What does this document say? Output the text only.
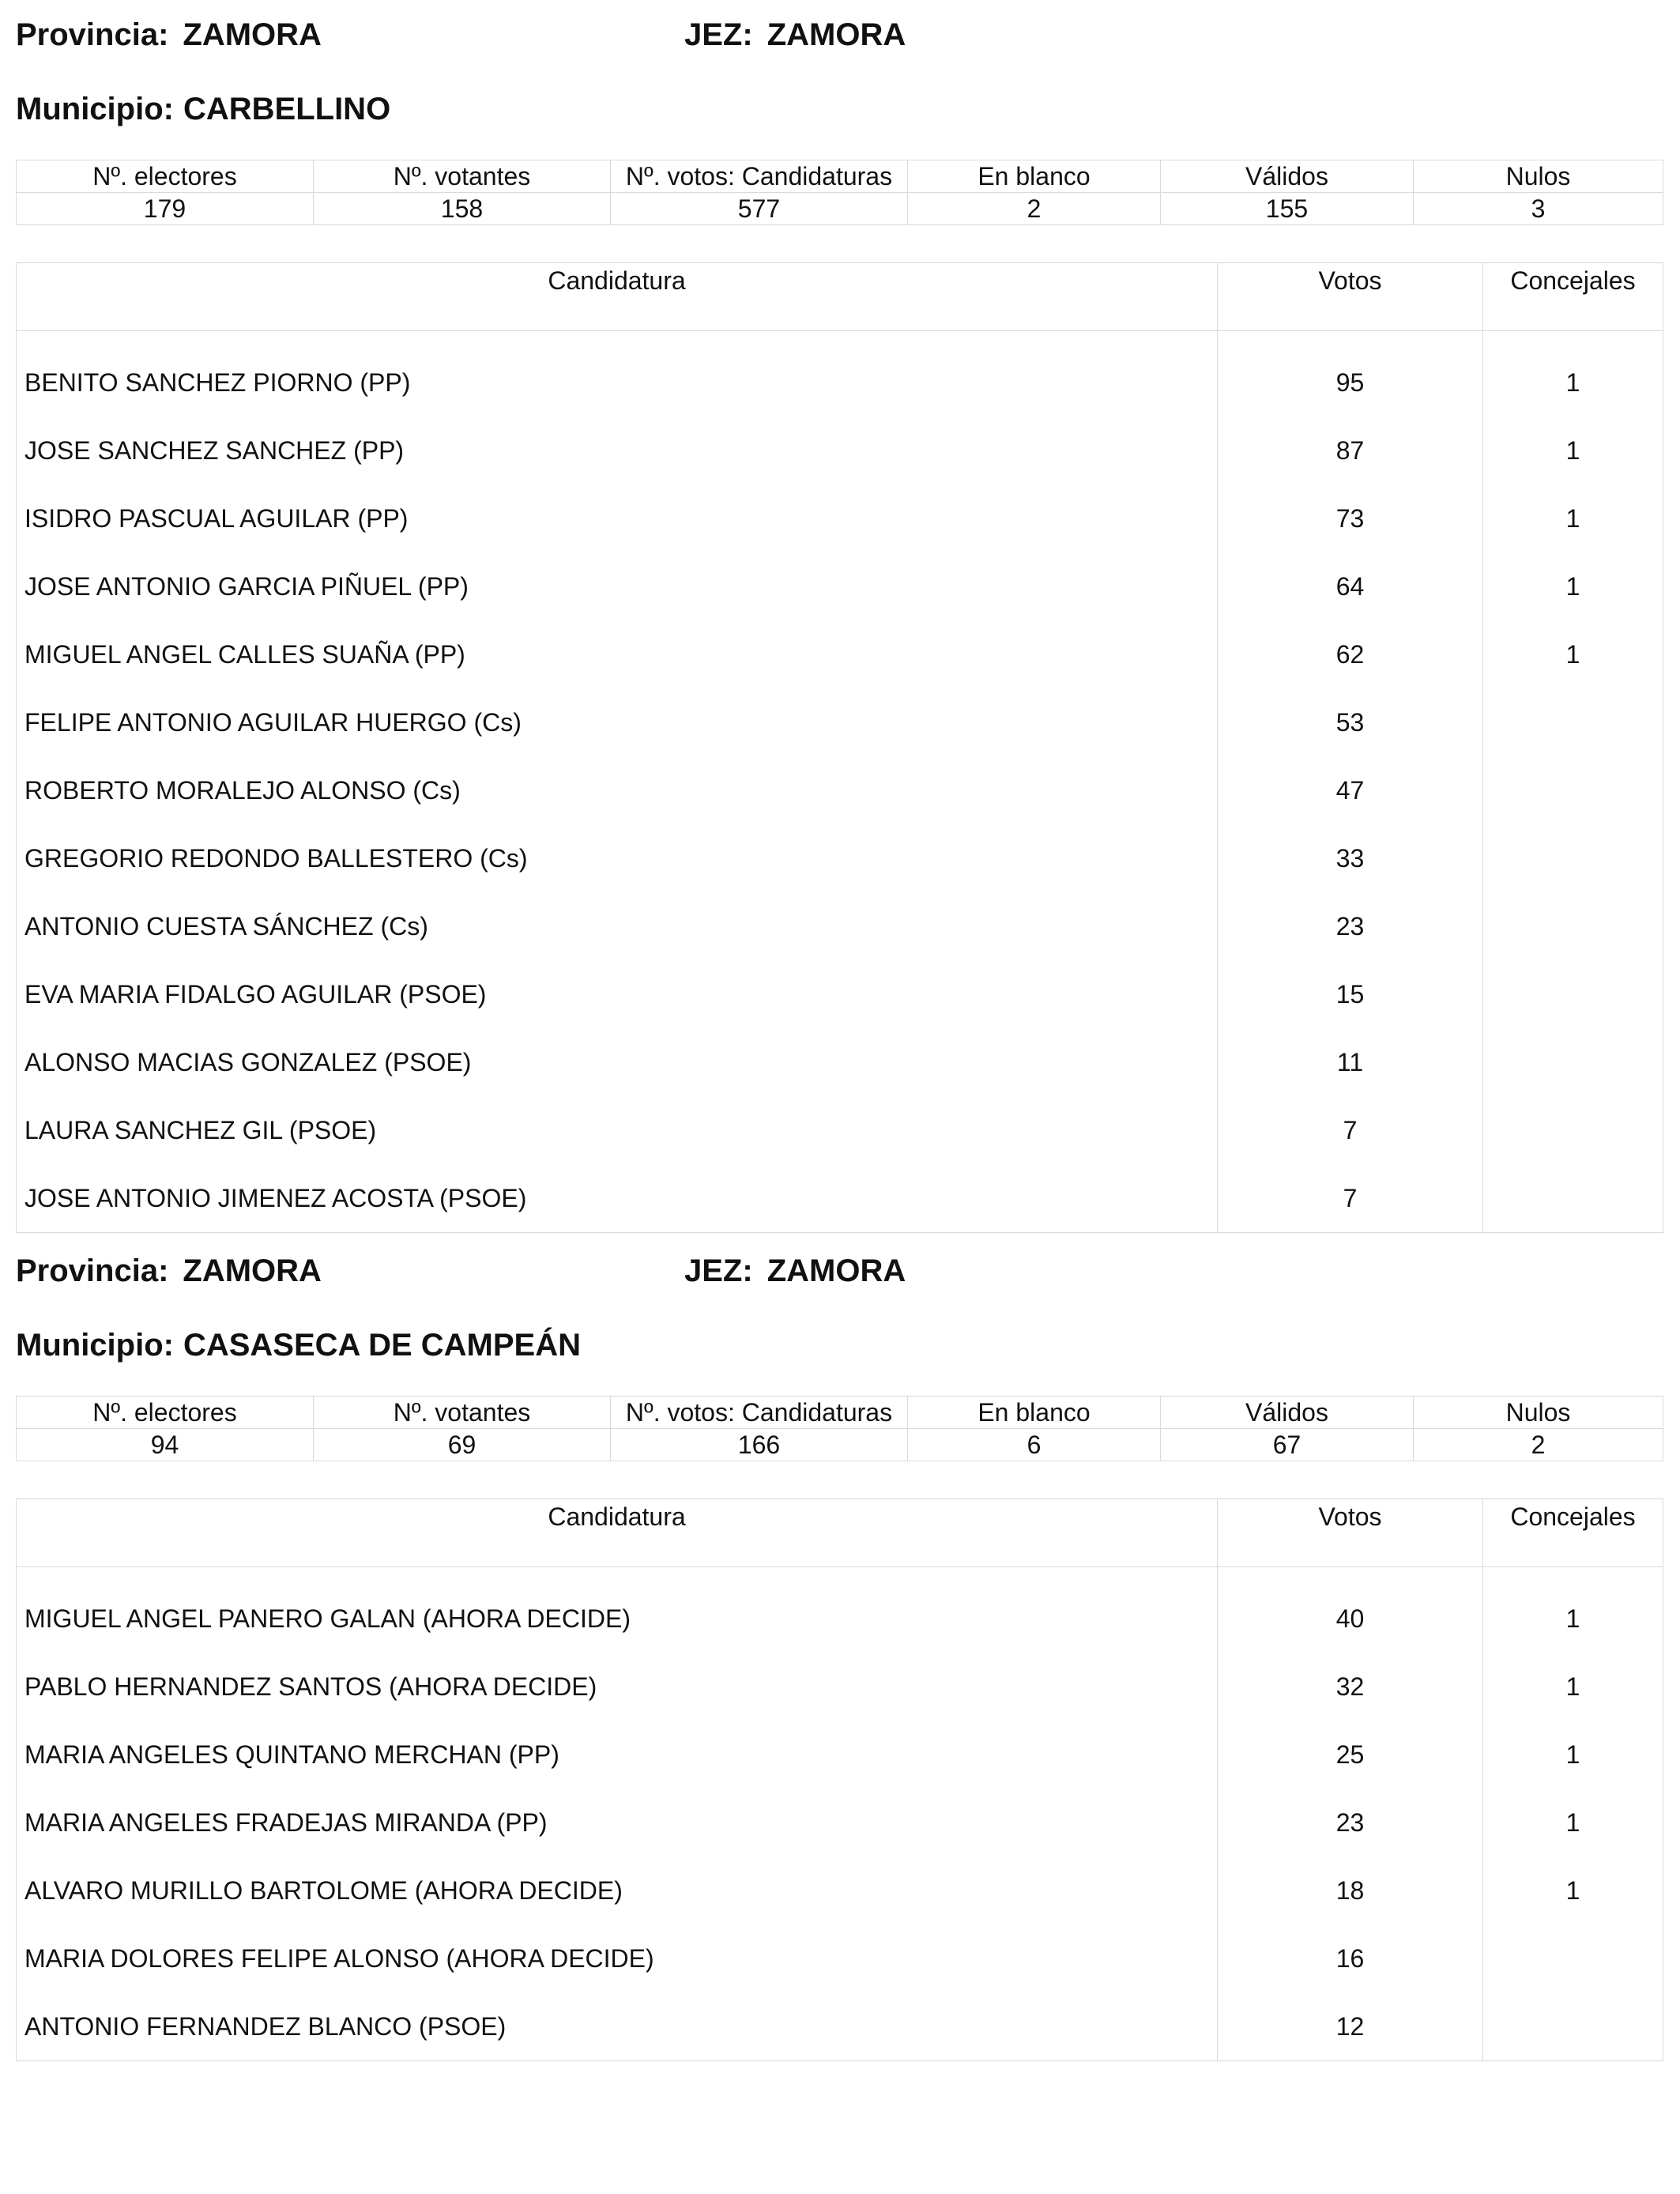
Provincia: ZAMORA	JEZ: ZAMORA
Municipio: CARBELLINO
Nº. electores	Nº. votantes	Nº. votos: Candidaturas	En blanco	Válidos	Nulos
179	158	577	2	155	3
Candidatura	Votos	Concejales

BENITO SANCHEZ PIORNO (PP)	95	1
JOSE SANCHEZ SANCHEZ (PP)	87	1
ISIDRO PASCUAL AGUILAR (PP)	73	1
JOSE ANTONIO GARCIA PIÑUEL (PP)	64	1
MIGUEL ANGEL CALLES SUAÑA (PP)	62	1
FELIPE ANTONIO AGUILAR HUERGO (Cs)	53	
ROBERTO MORALEJO ALONSO (Cs)	47	
GREGORIO REDONDO BALLESTERO (Cs)	33	
ANTONIO CUESTA SÁNCHEZ (Cs)	23	
EVA MARIA FIDALGO AGUILAR (PSOE)	15	
ALONSO MACIAS GONZALEZ (PSOE)	11	
LAURA SANCHEZ GIL (PSOE)	7	
JOSE ANTONIO JIMENEZ ACOSTA (PSOE)	7	
Provincia: ZAMORA	JEZ: ZAMORA
Municipio: CASASECA DE CAMPEÁN
Nº. electores	Nº. votantes	Nº. votos: Candidaturas	En blanco	Válidos	Nulos
94	69	166	6	67	2
Candidatura	Votos	Concejales

MIGUEL ANGEL PANERO GALAN (AHORA DECIDE)	40	1
PABLO HERNANDEZ SANTOS (AHORA DECIDE)	32	1
MARIA ANGELES QUINTANO MERCHAN (PP)	25	1
MARIA ANGELES FRADEJAS MIRANDA (PP)	23	1
ALVARO MURILLO BARTOLOME (AHORA DECIDE)	18	1
MARIA DOLORES FELIPE ALONSO (AHORA DECIDE)	16	
ANTONIO FERNANDEZ BLANCO (PSOE)	12	
